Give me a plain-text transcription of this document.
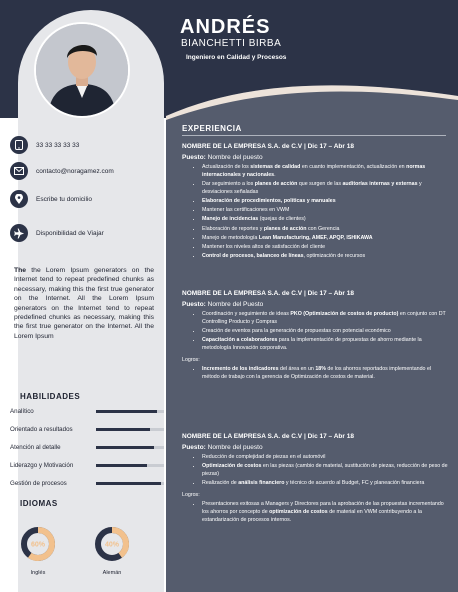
ANDRÉS
BIANCHETTI BIRBA
Ingeniero en Calidad y Procesos
33 33 33 33 33
contacto@noragamez.com
Escribe tu domicilio
Disponibilidad de Viajar
The the Lorem Ipsum generators on the Internet tend to repeat predefined chunks as necessary, making this the first true generator on the Internet. All the Lorem Ipsum generators on the Internet tend to repeat predefined chunks as necessary, making this the first true generator on the Internet. All the Lorem Ipsum
HABILIDADES
Analítico
Orientado a resultados
Atención al detalle
Liderazgo y Motivación
Gestión de procesos
IDIOMAS
60%
Inglés
40%
Alemán
EXPERIENCIA
NOMBRE DE LA EMPRESA S.A. de C.V | Dic 17 – Abr 18
Puesto: Nombre del puesto
• Actualización de los sistemas de calidad en cuanto implementación, actualización en normas internacionales y nacionales.
• Dar seguimiento a los planes de acción que surgen de las auditorías internas y externas y desviaciones señaladas
• Elaboración de procedimientos, políticas y manuales
• Mantener las certificaciones en VWM
• Manejo de incidencias (quejas de clientes)
• Elaboración de reportes y planes de acción con Gerencia
• Manejo de metodología Lean Manufacturing, AMEF, APQP, ISHIKAWA
• Mantener los niveles altos de satisfacción del cliente
• Control de procesos, balanceo de líneas, optimización de recursos
NOMBRE DE LA EMPRESA S.A. de C.V | Dic 17 – Abr 18
Puesto: Nombre del Puesto
• Coordinación y seguimiento de ideas PKO (Optimización de costos de producto) en conjunto con DT Controlling Producto y Compras
• Creación de eventos para la generación de propuestas con potencial económico
• Capacitación a colaboradores para la implementación de propuestas de ahorro mediante la metodología Innovación corporativa.
Logros:
• Incremento de los indicadores del área en un 18% de los ahorros reportados implementando el método de trabajo con la gerencia de Optimización de costos de material.
NOMBRE DE LA EMPRESA S.A. de C.V | Dic 17 – Abr 18
Puesto: Nombre del puesto
• Reducción de complejidad de piezas en el automóvil
• Optimización de costos en las piezas (cambio de material, sustitución de piezas, reducción de peso de piezas)
• Realización de análisis financiero y técnico de acuerdo al Budget, FC y planeación financiera
Logros:
• Presentaciones exitosas a Managers y Directores para la aprobación de las propuestas incrementando los ahorros por concepto de optimización de costos de material en VWM contribuyendo a la estandarización de procesos internos.
